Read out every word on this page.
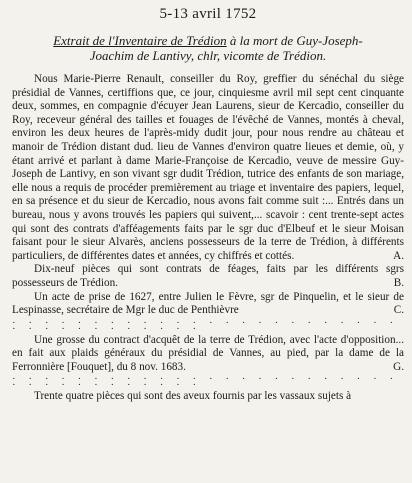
5-13 avril 1752
Extrait de l'Inventaire de Trédion à la mort de Guy-Joseph-
Joachim de Lantivy, chlr, vicomte de Trédion.

Nous Marie-Pierre Renault, conseiller du Roy, greffier du sénéchal du siège présidial de Vannes, certiffions que, ce jour, cinquiesme avril mil sept cent cinquante deux, sommes, en compagnie d'écuyer Jean Laurens, sieur de Kercadio, conseiller du Roy, receveur général des tailles et fouages de l'évêché de Vannes, montés à cheval, environ les deux heures de l'après-midy dudit jour, pour nous rendre au château et manoir de Trédion distant dud. lieu de Vannes d'environ quatre lieues et demie, où, y étant arrivé et parlant à dame Marie-Françoise de Kercadio, veuve de messire Guy-Joseph de Lantivy, en son vivant sgr dudit Trédion, tutrice des enfants de son mariage, elle nous a requis de procéder premièrement au triage et inventaire des papiers, lequel, en sa présence et du sieur de Kercadio, nous avons fait comme suit :... Entrés dans un bureau, nous y avons trouvés les papiers qui suivent,... scavoir : cent trente-sept actes qui sont des contrats d'afféagements faits par le sgr duc d'Elbeuf et le sieur Moisan faisant pour le sieur Alvarès, anciens possesseurs de la terre de Trédion, à différents particuliers, de différentes dates et années, cy chiffrés et cottés.	A.

Dix-neuf pièces qui sont contrats de féages, faits par les différents sgrs possesseurs de Trédion.	B.

Un acte de prise de 1627, entre Julien le Fèvre, sgr de Pinquelin, et le sieur de Lespinasse, secrétaire de Mgr le duc de Penthièvre	C.

· · · · · · · · · · · · · · · · · · · · · · · · · · · · · · · · · · · ·

Une grosse du contract d'acquêt de la terre de Trédion, avec l'acte d'opposition... en fait aux plaids généraux du présidial de Vannes, au pied, par la dame de la Ferronnière [Fouquet], du 8 nov. 1683.	G.

· · · · · · · · · · · · · · · · · · · · · · · · · · · · · · · · · · · ·

Trente quatre pièces qui sont des aveux fournis par les vassaux sujets à
